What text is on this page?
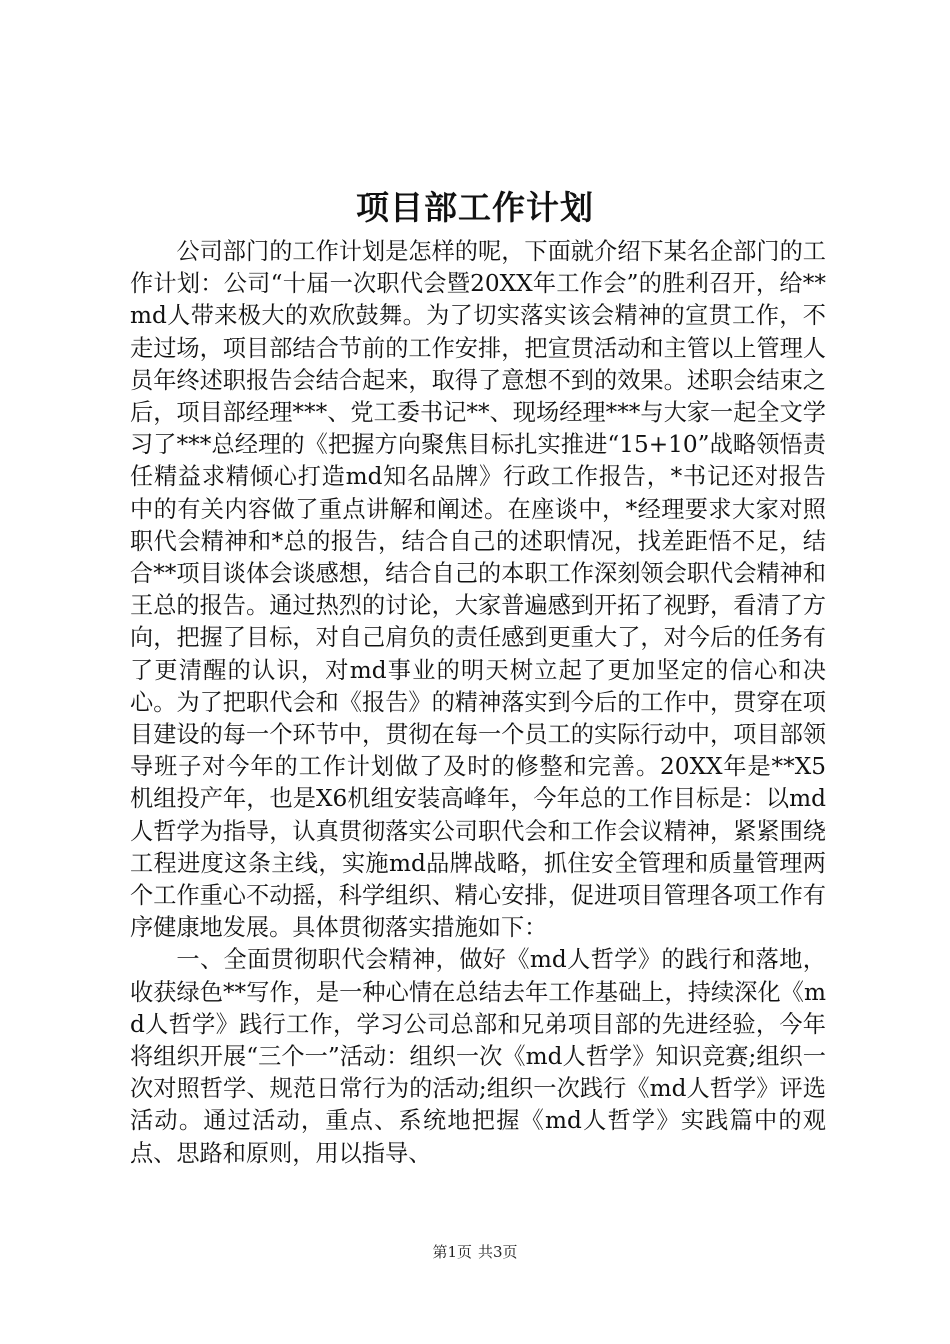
项目部工作计划

公司部门的工作计划是怎样的呢，下面就介绍下某名企部门的工作计划：公司“十届一次职代会暨20XX年工作会”的胜利召开，给**md人带来极大的欢欣鼓舞。为了切实落实该会精神的宣贯工作，不走过场，项目部结合节前的工作安排，把宣贯活动和主管以上管理人员年终述职报告会结合起来，取得了意想不到的效果。述职会结束之后，项目部经理***、党工委书记**、现场经理***与大家一起全文学习了***总经理的《把握方向聚焦目标扎实推进“15+10”战略领悟责任精益求精倾心打造md知名品牌》行政工作报告，*书记还对报告中的有关内容做了重点讲解和阐述。在座谈中，*经理要求大家对照职代会精神和*总的报告，结合自己的述职情况，找差距悟不足，结合**项目谈体会谈感想，结合自己的本职工作深刻领会职代会精神和王总的报告。通过热烈的讨论，大家普遍感到开拓了视野，看清了方向，把握了目标，对自己肩负的责任感到更重大了，对今后的任务有了更清醒的认识，对md事业的明天树立起了更加坚定的信心和决心。为了把职代会和《报告》的精神落实到今后的工作中，贯穿在项目建设的每一个环节中，贯彻在每一个员工的实际行动中，项目部领导班子对今年的工作计划做了及时的修整和完善。20XX年是**X5机组投产年，也是X6机组安装高峰年，今年总的工作目标是：以md人哲学为指导，认真贯彻落实公司职代会和工作会议精神，紧紧围绕工程进度这条主线，实施md品牌战略，抓住安全管理和质量管理两个工作重心不动摇，科学组织、精心安排，促进项目管理各项工作有序健康地发展。具体贯彻落实措施如下：

一、全面贯彻职代会精神，做好《md人哲学》的践行和落地，收获绿色**写作，是一种心情在总结去年工作基础上，持续深化《md人哲学》践行工作，学习公司总部和兄弟项目部的先进经验，今年将组织开展“三个一”活动：组织一次《md人哲学》知识竞赛;组织一次对照哲学、规范日常行为的活动;组织一次践行《md人哲学》评选活动。通过活动，重点、系统地把握《md人哲学》实践篇中的观点、思路和原则，用以指导、

第1页 共3页
